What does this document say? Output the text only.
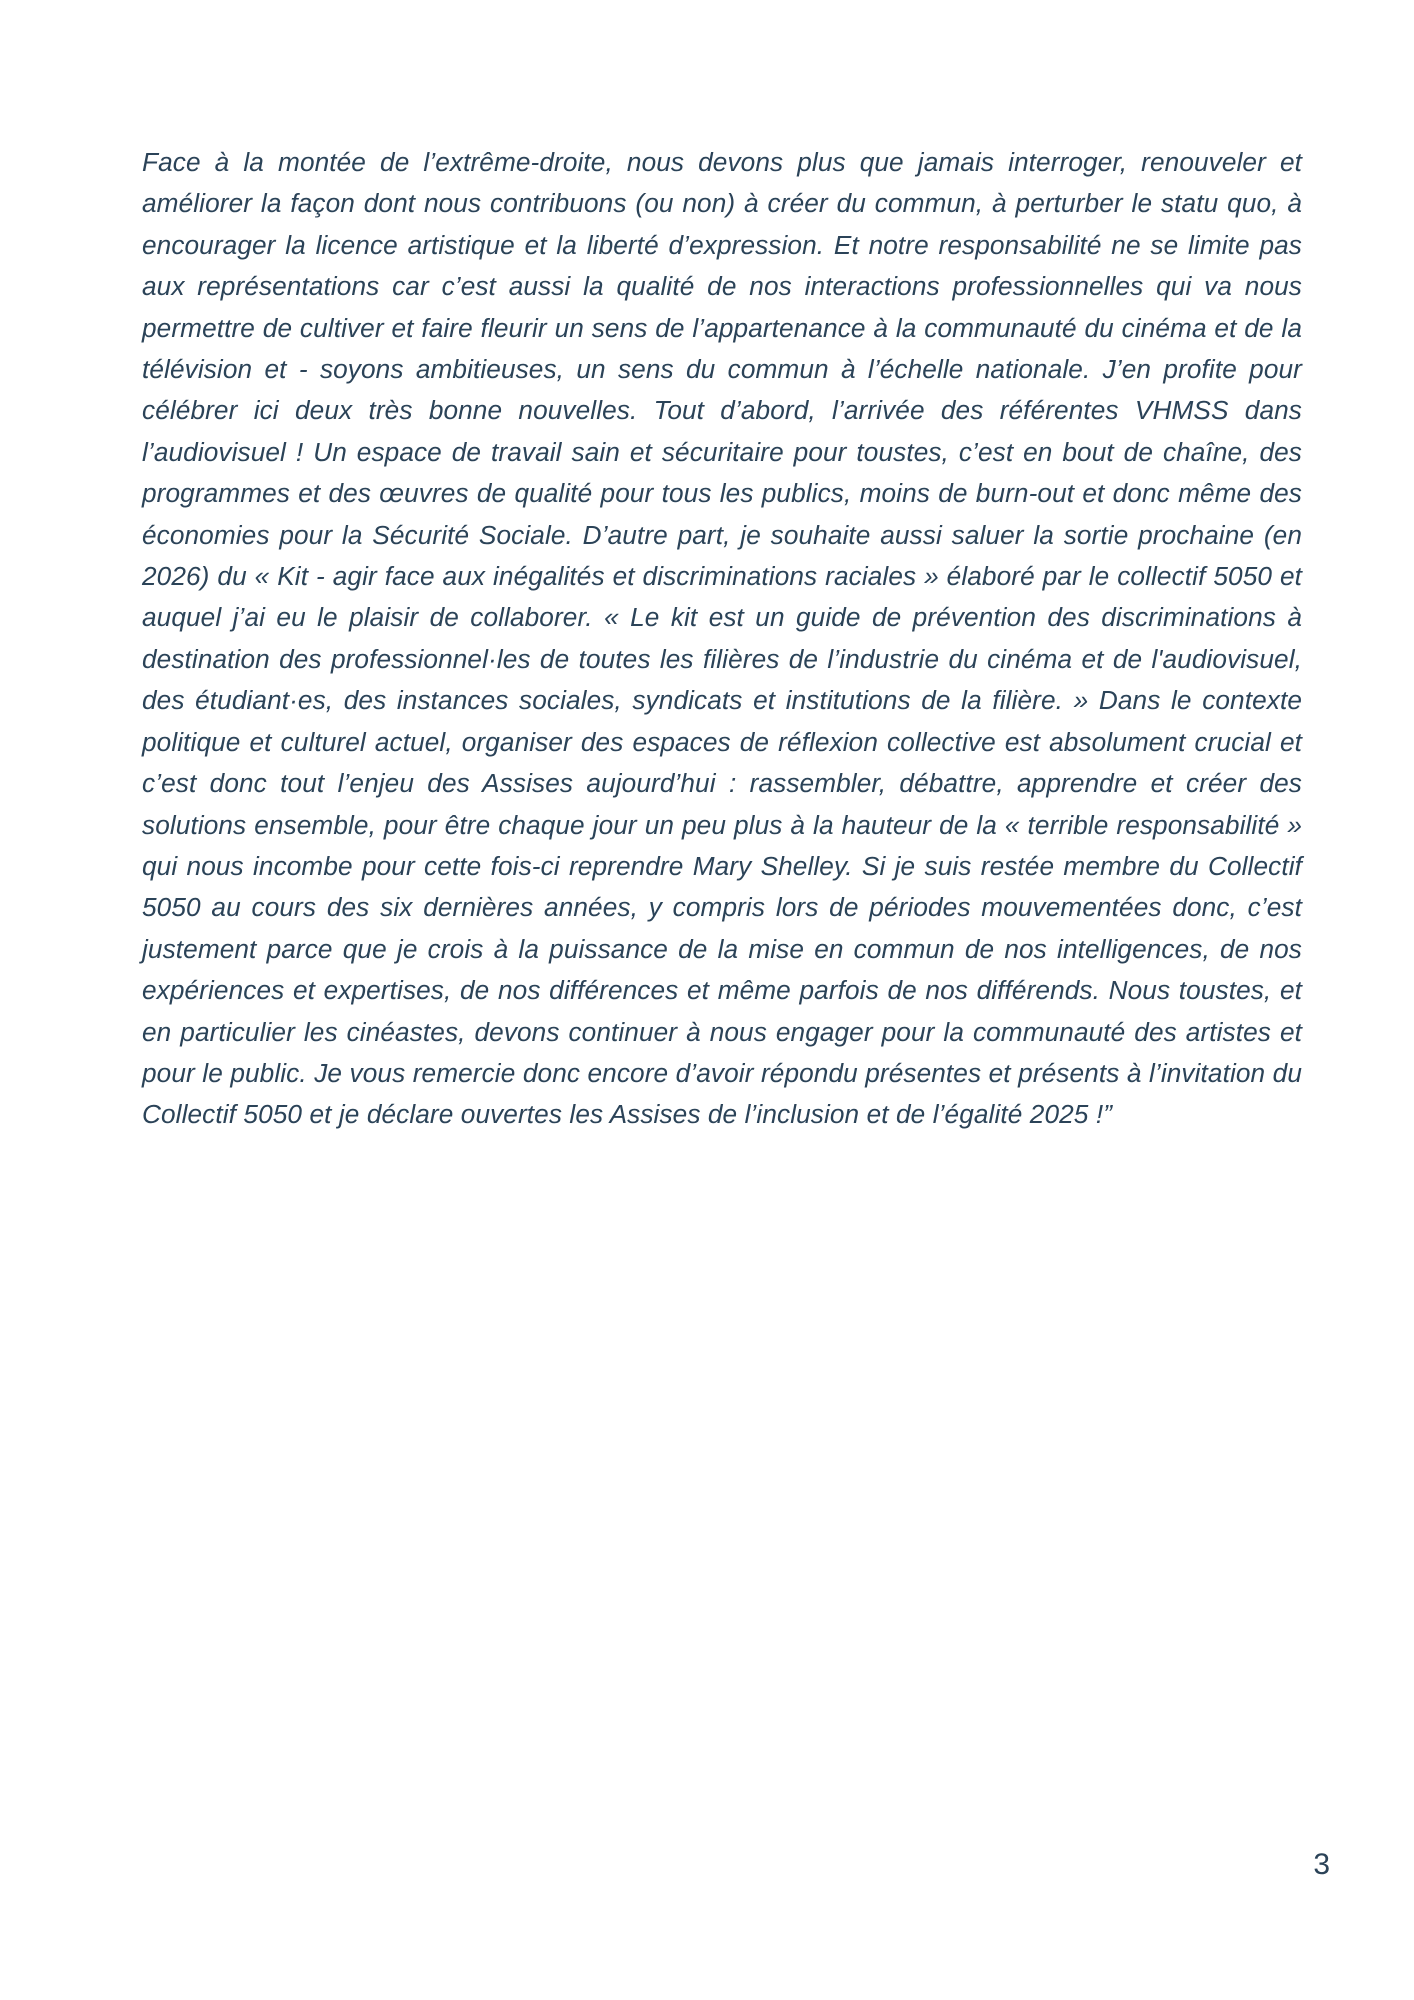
Face à la montée de l’extrême-droite, nous devons plus que jamais interroger, renouveler et améliorer la façon dont nous contribuons (ou non) à créer du commun, à perturber le statu quo, à encourager la licence artistique et la liberté d’expression. Et notre responsabilité ne se limite pas aux représentations car c’est aussi la qualité de nos interactions professionnelles qui va nous permettre de cultiver et faire fleurir un sens de l’appartenance à la communauté du cinéma et de la télévision et - soyons ambitieuses, un sens du commun à l’échelle nationale. J’en profite pour célébrer ici deux très bonne nouvelles. Tout d’abord, l’arrivée des référentes VHMSS dans l’audiovisuel ! Un espace de travail sain et sécuritaire pour toustes, c’est en bout de chaîne, des programmes et des œuvres de qualité pour tous les publics, moins de burn-out et donc même des économies pour la Sécurité Sociale. D’autre part, je souhaite aussi saluer la sortie prochaine (en 2026) du « Kit - agir face aux inégalités et discriminations raciales » élaboré par le collectif 5050 et auquel j’ai eu le plaisir de collaborer. « Le kit est un guide de prévention des discriminations à destination des professionnel·les de toutes les filières de l’industrie du cinéma et de l'audiovisuel, des étudiant·es, des instances sociales, syndicats et institutions de la filière. » Dans le contexte politique et culturel actuel, organiser des espaces de réflexion collective est absolument crucial et c’est donc tout l’enjeu des Assises aujourd’hui : rassembler, débattre, apprendre et créer des solutions ensemble, pour être chaque jour un peu plus à la hauteur de la « terrible responsabilité » qui nous incombe pour cette fois-ci reprendre Mary Shelley. Si je suis restée membre du Collectif 5050 au cours des six dernières années, y compris lors de périodes mouvementées donc, c’est justement parce que je crois à la puissance de la mise en commun de nos intelligences, de nos expériences et expertises, de nos différences et même parfois de nos différends. Nous toustes, et en particulier les cinéastes, devons continuer à nous engager pour la communauté des artistes et pour le public. Je vous remercie donc encore d’avoir répondu présentes et présents à l’invitation du Collectif 5050 et je déclare ouvertes les Assises de l’inclusion et de l’égalité 2025 !”

3
